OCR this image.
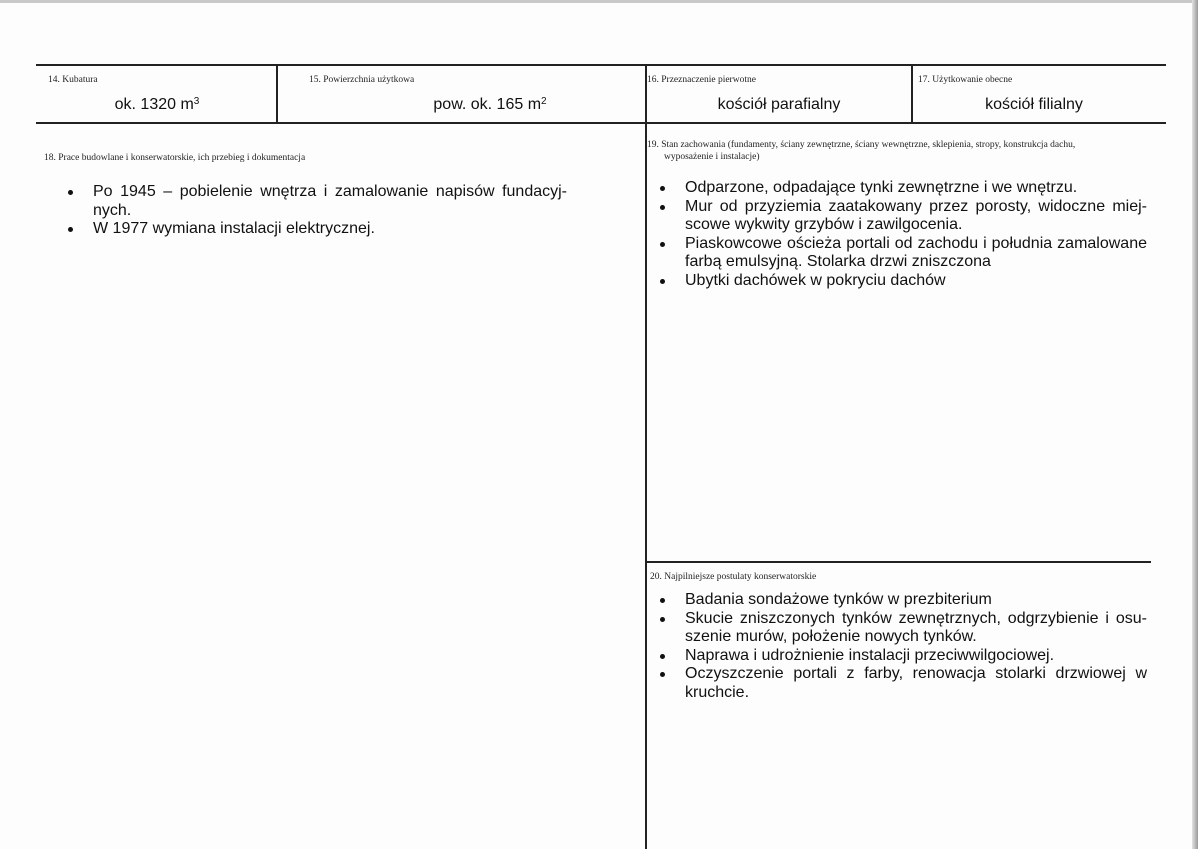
14. Kubatura
ok. 1320 $m^3$
15. Powierzchnia użytkowa
pow. ok. 165 $m^2$
16. Przeznaczenie pierwotne
kościół parafialny
17. Użytkowanie obecne
kościół filialny
18. Prace budowlane i konserwatorskie, ich przebieg i dokumentacja
Po 1945 – pobielenie wnętrza i zamalowanie napisów fundacyj-nych.
W 1977 wymiana instalacji elektrycznej.
19. Stan zachowania (fundamenty, ściany zewnętrzne, ściany wewnętrzne, sklepienia, stropy, konstrukcja dachu,
wyposażenie i instalacje)
Odparzone, odpadające tynki zewnętrzne i we wnętrzu.
Mur od przyziemia zaatakowany przez porosty, widoczne miej-scowe wykwity grzybów i zawilgocenia.
Piaskowcowe ościeża portali od zachodu i południa zamalowane farbą emulsyjną. Stolarka drzwi zniszczona
Ubytki dachówek w pokryciu dachów
20. Najpilniejsze postulaty konserwatorskie
Badania sondażowe tynków w prezbiterium
Skucie zniszczonych tynków zewnętrznych, odgrzybienie i osu-szenie murów, położenie nowych tynków.
Naprawa i udrożnienie instalacji przeciwwilgociowej.
Oczyszczenie portali z farby, renowacja stolarki drzwiowej w kruchcie.
